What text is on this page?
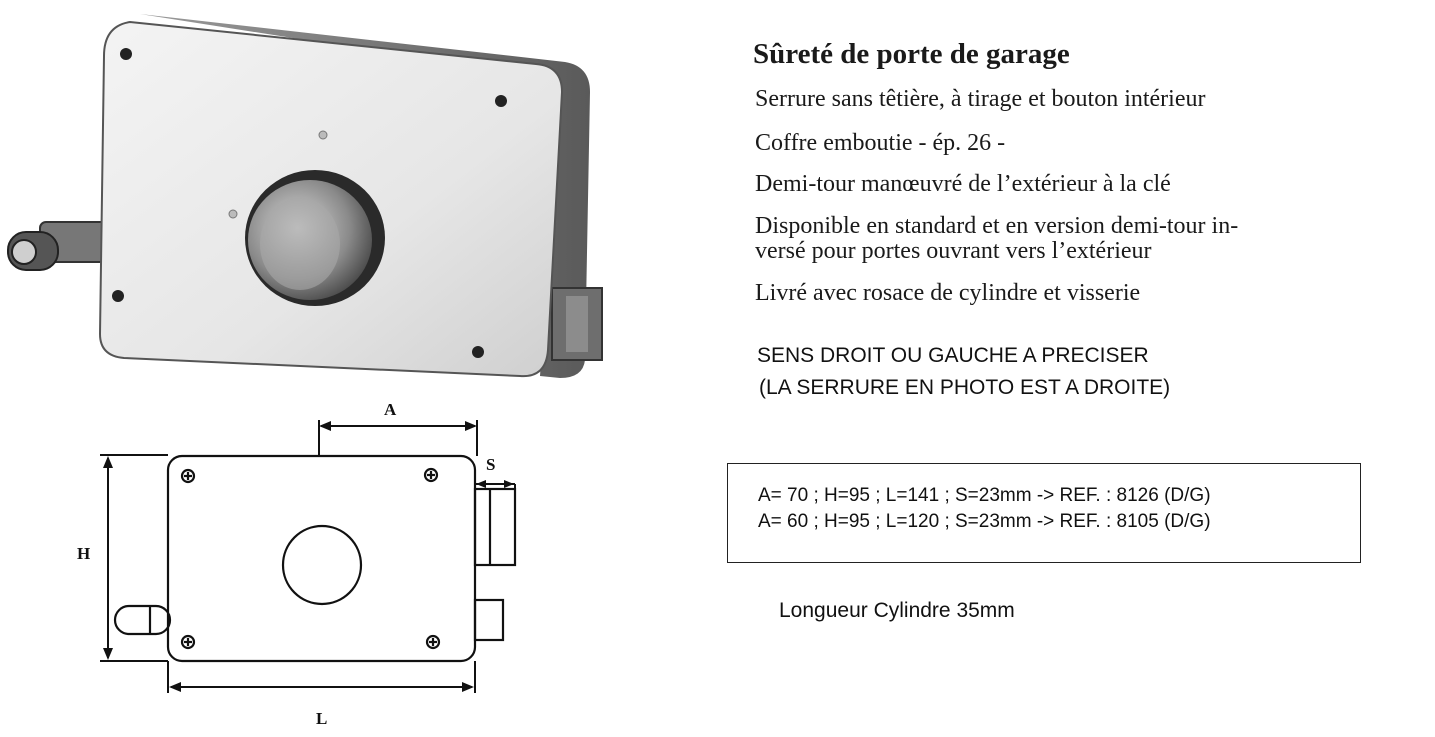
A
S
H
L
Sûreté de porte de garage
Serrure sans têtière, à tirage et bouton intérieur
Coffre emboutie - ép. 26 -
Demi-tour manœuvré de l’extérieur à la clé
Disponible en standard et en version demi-tour in-
versé pour portes ouvrant vers l’extérieur
Livré avec rosace de cylindre et visserie
SENS DROIT OU GAUCHE A PRECISER
(LA SERRURE EN PHOTO EST A DROITE)
A= 70 ; H=95 ; L=141 ; S=23mm -> REF. : 8126 (D/G)
A= 60 ; H=95 ; L=120 ; S=23mm -> REF. : 8105 (D/G)
Longueur Cylindre 35mm
